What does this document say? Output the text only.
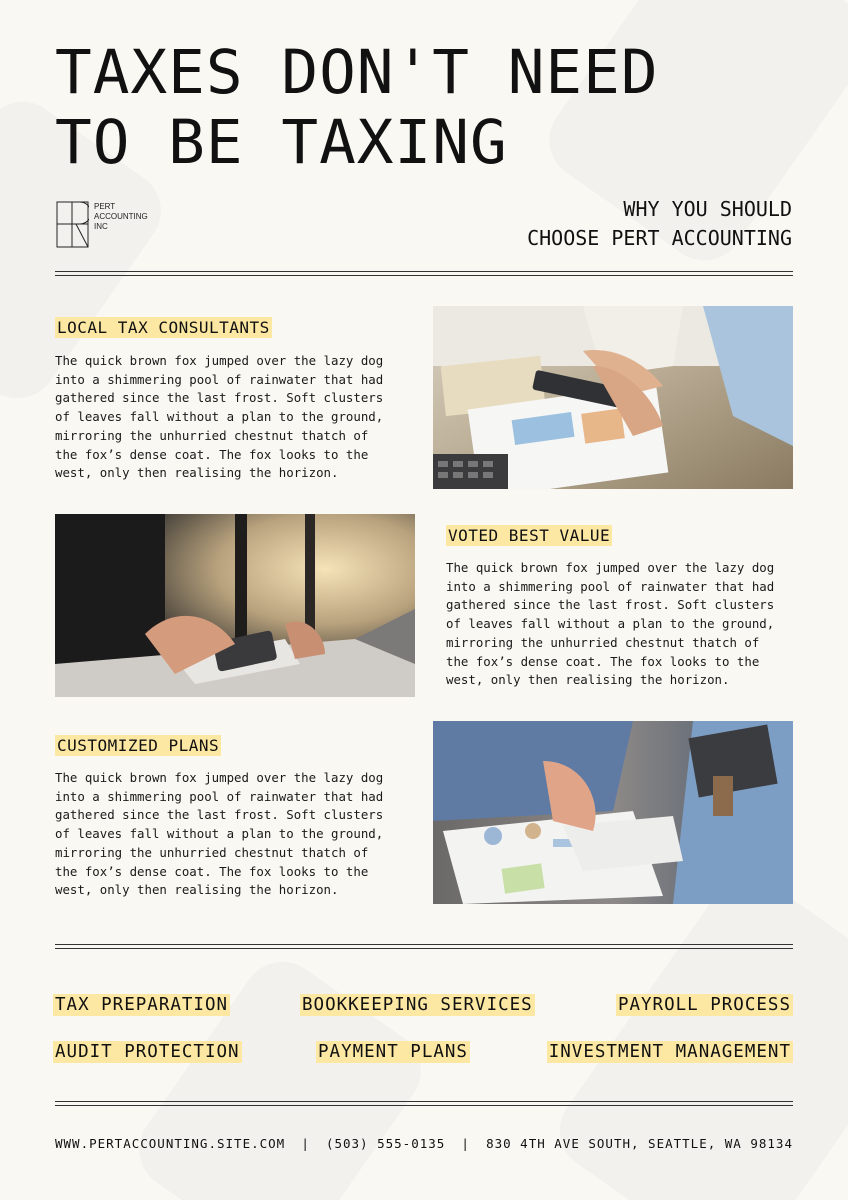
TAXES DON'T NEED
TO BE TAXING
PERT
ACCOUNTING
INC
WHY YOU SHOULD
CHOOSE PERT ACCOUNTING
LOCAL TAX CONSULTANTS
The quick brown fox jumped over the lazy dog
into a shimmering pool of rainwater that had
gathered since the last frost. Soft clusters
of leaves fall without a plan to the ground,
mirroring the unhurried chestnut thatch of
the fox’s dense coat. The fox looks to the
west, only then realising the horizon.
VOTED BEST VALUE
The quick brown fox jumped over the lazy dog
into a shimmering pool of rainwater that had
gathered since the last frost. Soft clusters
of leaves fall without a plan to the ground,
mirroring the unhurried chestnut thatch of
the fox’s dense coat. The fox looks to the
west, only then realising the horizon.
CUSTOMIZED PLANS
The quick brown fox jumped over the lazy dog
into a shimmering pool of rainwater that had
gathered since the last frost. Soft clusters
of leaves fall without a plan to the ground,
mirroring the unhurried chestnut thatch of
the fox’s dense coat. The fox looks to the
west, only then realising the horizon.
TAX PREPARATION	BOOKKEEPING SERVICES	PAYROLL PROCESS
AUDIT PROTECTION	PAYMENT PLANS	INVESTMENT MANAGEMENT
WWW.PERTACCOUNTING.SITE.COM | (503) 555-0135 | 830 4TH AVE SOUTH, SEATTLE, WA 98134
